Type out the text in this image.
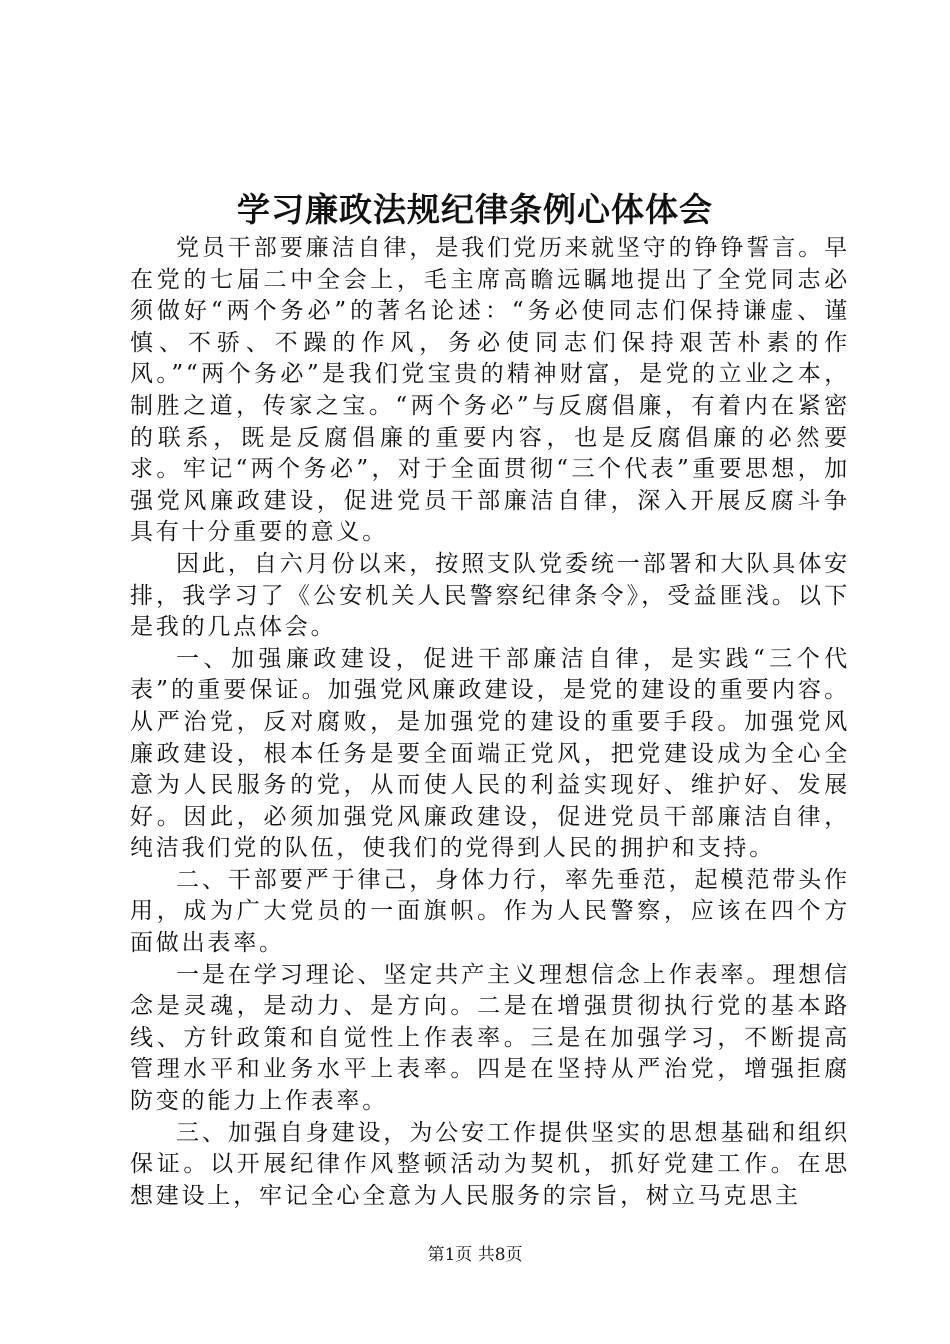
学习廉政法规纪律条例心体体会

党员干部要廉洁自律，是我们党历来就坚守的铮铮誓言。早在党的七届二中全会上，毛主席高瞻远瞩地提出了全党同志必须做好“两个务必”的著名论述：“务必使同志们保持谦虚、谨慎、不骄、不躁的作风，务必使同志们保持艰苦朴素的作风。”“两个务必”是我们党宝贵的精神财富，是党的立业之本，制胜之道，传家之宝。“两个务必”与反腐倡廉，有着内在紧密的联系，既是反腐倡廉的重要内容，也是反腐倡廉的必然要求。牢记“两个务必”，对于全面贯彻“三个代表”重要思想，加强党风廉政建设，促进党员干部廉洁自律，深入开展反腐斗争具有十分重要的意义。

因此，自六月份以来，按照支队党委统一部署和大队具体安排，我学习了《公安机关人民警察纪律条令》，受益匪浅。以下是我的几点体会。

一、加强廉政建设，促进干部廉洁自律，是实践“三个代表”的重要保证。加强党风廉政建设，是党的建设的重要内容。从严治党，反对腐败，是加强党的建设的重要手段。加强党风廉政建设，根本任务是要全面端正党风，把党建设成为全心全意为人民服务的党，从而使人民的利益实现好、维护好、发展好。因此，必须加强党风廉政建设，促进党员干部廉洁自律，纯洁我们党的队伍，使我们的党得到人民的拥护和支持。

二、干部要严于律己，身体力行，率先垂范，起模范带头作用，成为广大党员的一面旗帜。作为人民警察，应该在四个方面做出表率。

一是在学习理论、坚定共产主义理想信念上作表率。理想信念是灵魂，是动力、是方向。二是在增强贯彻执行党的基本路线、方针政策和自觉性上作表率。三是在加强学习，不断提高管理水平和业务水平上表率。四是在坚持从严治党，增强拒腐防变的能力上作表率。

三、加强自身建设，为公安工作提供坚实的思想基础和组织保证。以开展纪律作风整顿活动为契机，抓好党建工作。在思想建设上，牢记全心全意为人民服务的宗旨，树立马克思主

第1页 共8页
